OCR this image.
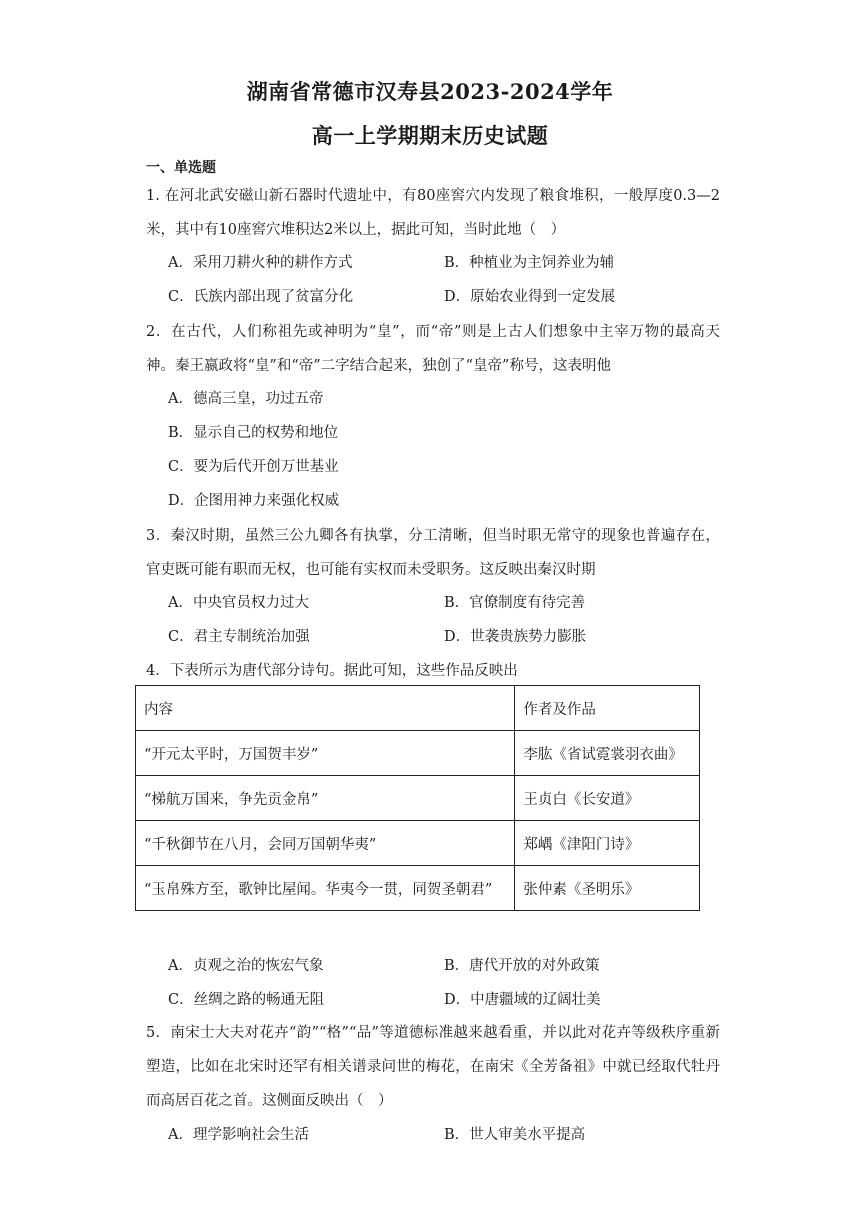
湖南省常德市汉寿县2023-2024学年
高一上学期期末历史试题
一、单选题
1. 在河北武安磁山新石器时代遗址中，有80座窖穴内发现了粮食堆积，一般厚度0.3—2米，其中有10座窖穴堆积达2米以上，据此可知，当时此地（　）
A．采用刀耕火种的耕作方式	B．种植业为主饲养业为辅
C．氏族内部出现了贫富分化	D．原始农业得到一定发展
2．在古代，人们称祖先或神明为“皇”，而“帝”则是上古人们想象中主宰万物的最高天神。秦王嬴政将“皇”和“帝”二字结合起来，独创了“皇帝”称号，这表明他
A．德高三皇，功过五帝
B．显示自己的权势和地位
C．要为后代开创万世基业
D．企图用神力来强化权威
3．秦汉时期，虽然三公九卿各有执掌，分工清晰，但当时职无常守的现象也普遍存在，官吏既可能有职而无权，也可能有实权而未受职务。这反映出秦汉时期
A．中央官员权力过大	B．官僚制度有待完善
C．君主专制统治加强	D．世袭贵族势力膨胀
4．下表所示为唐代部分诗句。据此可知，这些作品反映出
内容	作者及作品
“开元太平时，万国贺丰岁”	李肱《省试霓裳羽衣曲》
“梯航万国来，争先贡金帛”	王贞白《长安道》
“千秋御节在八月，会同万国朝华夷”	郑嵎《津阳门诗》
“玉帛殊方至，歌钟比屋闻。华夷今一贯，同贺圣朝君”	张仲素《圣明乐》
A．贞观之治的恢宏气象	B．唐代开放的对外政策
C．丝绸之路的畅通无阻	D．中唐疆域的辽阔壮美
5．南宋士大夫对花卉“韵”“格”“品”等道德标准越来越看重，并以此对花卉等级秩序重新塑造，比如在北宋时还罕有相关谱录问世的梅花，在南宋《全芳备祖》中就已经取代牡丹而高居百花之首。这侧面反映出（　）
A．理学影响社会生活	B．世人审美水平提高
